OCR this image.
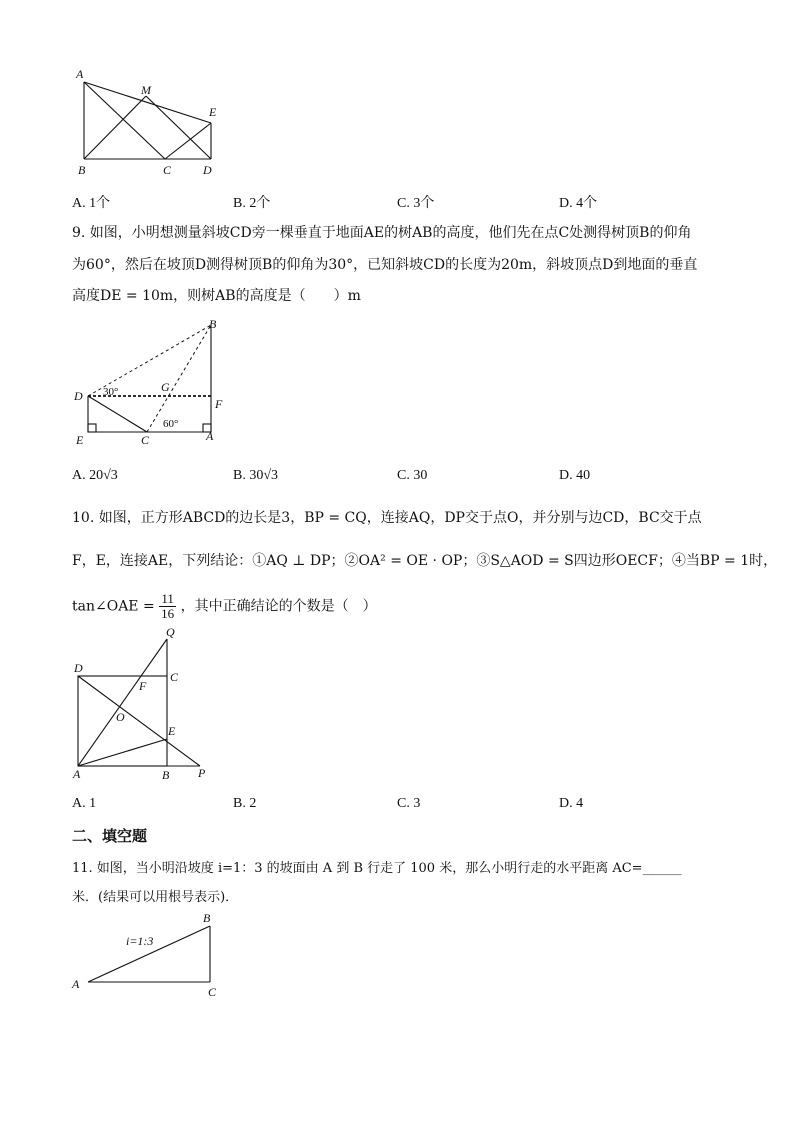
A
M
E
B	C	D
A. 1个	B. 2个	C. 3个	D. 4个
9. 如图，小明想测量斜坡CD旁一棵垂直于地面AE的树AB的高度，他们先在点C处测得树顶B的仰角
为60°，然后在坡顶D测得树顶B的仰角为30°，已知斜坡CD的长度为20m，斜坡顶点D到地面的垂直
高度DE = 10m，则树AB的高度是（　　）m
B
D 30°	G
F
60°
E	C	A
A. 20√3	B. 30√3	C. 30	D. 40
10. 如图，正方形ABCD的边长是3，BP = CQ，连接AQ，DP交于点O，并分别与边CD，BC交于点
F，E，连接AE，下列结论：①AQ ⊥ DP；②OA² = OE · OP；③S△AOD = S四边形OECF；④当BP = 1时，
tan∠OAE = $\frac{11}{16}$ ，其中正确结论的个数是（　）
Q
D
C
F
O
E
A	B P
A. 1	B. 2	C. 3	D. 4
二、填空题
11. 如图，当小明沿坡度 i=1：3 的坡面由 A 到 B 行走了 100 米，那么小明行走的水平距离 AC=______
米．(结果可以用根号表示)．
B
i=1:3
A
C
